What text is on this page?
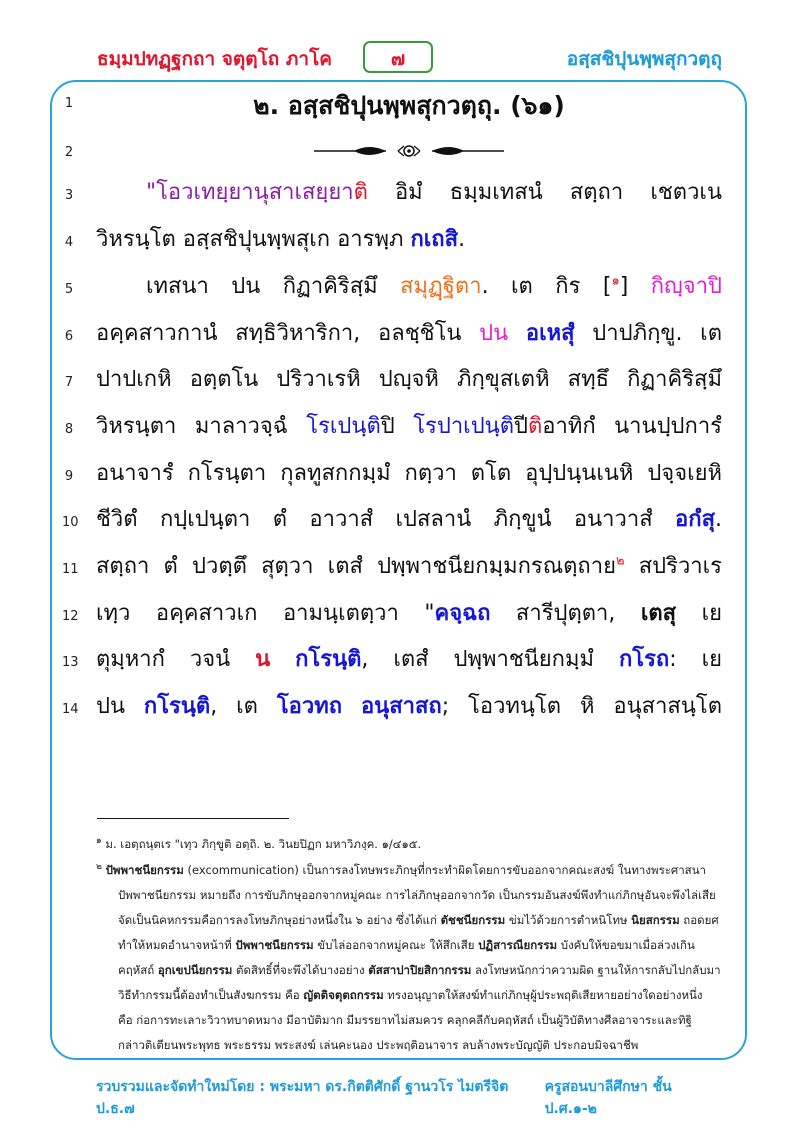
ธมฺมปทฏฺฐกถา จตุตฺโถ ภาโค	๗	อสฺสชิปุนพฺพสุกวตฺถุ
1
2
3
4
5
6
7
8
9
10
11
12
13
14
๒. อสฺสชิปุนพฺพสุกวตฺถุ. (๖๑)
"โอวเทยฺยานุสาเสยฺยาติ อิมํ ธมฺมเทสนํ สตฺถา เชตวเน
วิหรนฺโต อสฺสชิปุนพฺพสุเก อารพฺภ กเถสิ.
เทสนา ปน กิฏาคิริสฺมึ สมุฏฺฐิตา. เต กิร [$^๑$] กิญฺจาปิ
อคฺคสาวกานํ สทฺธิวิหาริกา, อลชฺชิโน ปน อเหสุํ ปาปภิกฺขู. เต
ปาปเกหิ อตฺตโน ปริวาเรหิ ปญฺจหิ ภิกฺขุสเตหิ สทฺธึ กิฏาคิริสฺมึ
วิหรนฺตา มาลาวจฺฉํ โรเปนฺติปิ โรปาเปนฺติปีติอาทิกํ นานปฺปการํ
อนาจารํ กโรนฺตา กุลทูสกกมฺมํ กตฺวา ตโต อุปฺปนฺนเนหิ ปจฺจเยหิ
ชีวิตํ กปฺเปนฺตา ตํ อาวาสํ เปสลานํ ภิกฺขูนํ อนาวาสํ อกํสุ.
สตฺถา ตํ ปวตฺตึ สุตฺวา เตสํ ปพฺพาชนียกมฺมกรณตฺถาย$^๒$ สปริวาเร
เทฺว อคฺคสาวเก อามนฺเตตฺวา "คจฺฉถ สารีปุตฺตา, เตสุ เย
ตุมฺหากํ วจนํ น กโรนฺติ, เตสํ ปพฺพาชนียกมฺมํ กโรถ: เย
ปน กโรนฺติ, เต โอวทถ อนุสาสถ; โอวทนฺโต หิ อนุสาสนฺโต
$^๑$ ม. เอตฺถนฺตเร "เทฺว ภิกฺขูติ อตฺถิ. ๒. วินยปิฏก มหาวิภงฺค. ๑/๔๑๕.
$^๒$ ปัพพาชนียกรรม (excommunication) เป็นการลงโทษพระภิกษุที่กระทำผิดโดยการขับออกจากคณะสงฆ์ ในทางพระศาสนา
ปัพพาชนียกรรม หมายถึง การขับภิกษุออกจากหมู่คณะ การไล่ภิกษุออกจากวัด เป็นกรรมอันสงฆ์พึงทำแก่ภิกษุอันจะพึงไล่เสีย
จัดเป็นนิคหกรรมคือการลงโทษภิกษุอย่างหนึ่งใน ๖ อย่าง ซึ่งได้แก่ ตัชชนียกรรม ข่มไว้ด้วยการตำหนิโทษ นิยสกรรม ถอดยศ
ทำให้หมดอำนาจหน้าที่ ปัพพาชนียกรรม ขับไล่ออกจากหมู่คณะ ให้สึกเสีย ปฏิสารณียกรรม บังคับให้ขอขมาเมื่อล่วงเกิน
คฤหัสถ์ อุกเขปนียกรรม ตัดสิทธิ์ที่จะพึงได้บางอย่าง ตัสสาปาปิยสิกากรรม ลงโทษหนักกว่าความผิด ฐานให้การกลับไปกลับมา
วิธีทำกรรมนี้ต้องทำเป็นสังฆกรรม คือ ญัตติจตุตถกรรม ทรงอนุญาตให้สงฆ์ทำแก่ภิกษุผู้ประพฤติเสียหายอย่างใดอย่างหนึ่ง
คือ ก่อการทะเลาะวิวาทบาดหมาง มีอาบัติมาก มีมรรยาทไม่สมควร คลุกคลีกับคฤหัสถ์ เป็นผู้วิบัติทางศีลอาจาระและทิฐิ
กล่าวติเตียนพระพุทธ พระธรรม พระสงฆ์ เล่นคะนอง ประพฤติอนาจาร ลบล้างพระบัญญัติ ประกอบมิจฉาชีพ
รวบรวมและจัดทำใหม่โดย : พระมหา ดร.กิตติศักดิ์ ฐานวโร ไมตรีจิต ป.ธ.๗
ครูสอนบาลีศึกษา ชั้น ป.ศ.๑-๒
